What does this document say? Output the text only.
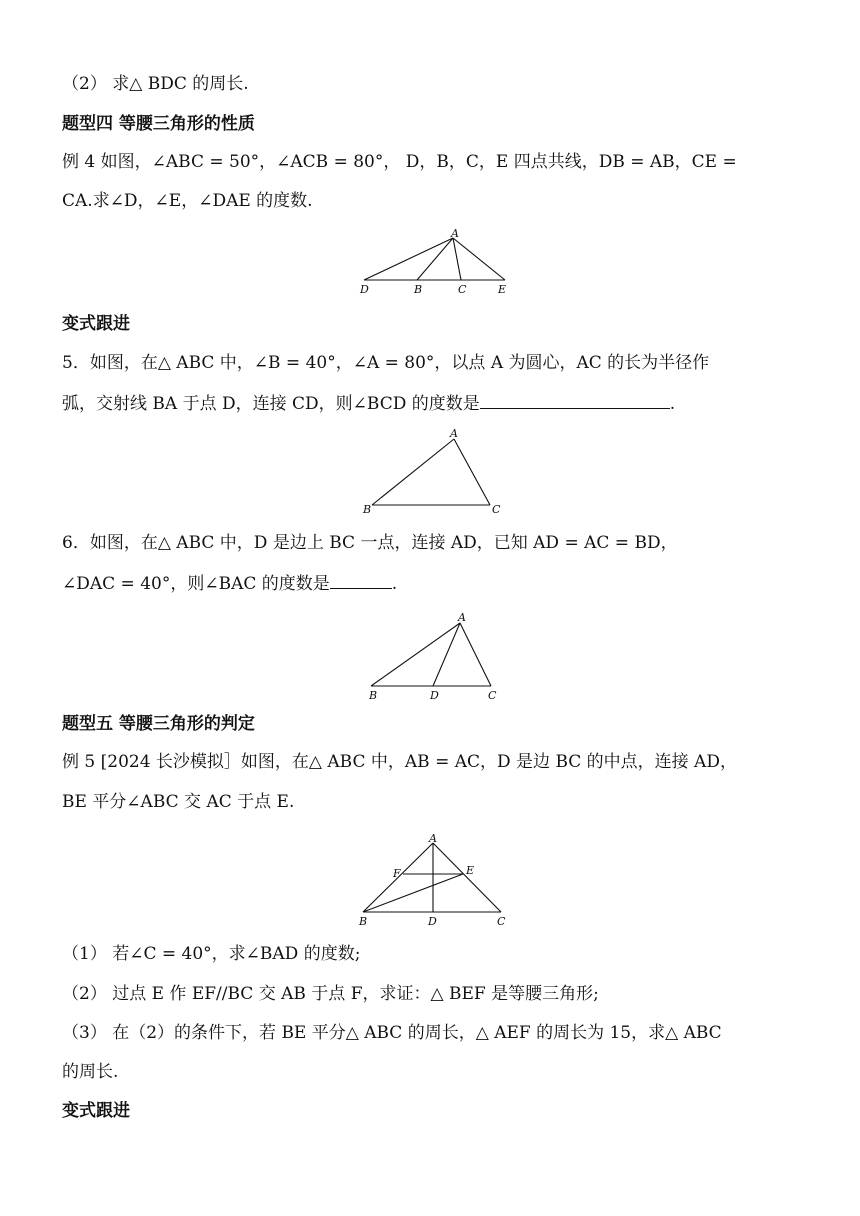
（2） 求△ BDC 的周长.
题型四 等腰三角形的性质
例 4 如图，∠ABC = 50°，∠ACB = 80°， D，B，C，E 四点共线，DB = AB，CE =
CA.求∠D，∠E，∠DAE 的度数.
A
D	B	C	E
变式跟进
5．如图，在△ ABC 中，∠B = 40°，∠A = 80°，以点 A 为圆心，AC 的长为半径作
弧，交射线 BA 于点 D，连接 CD，则∠BCD 的度数是	.
A
B	C
6．如图，在△ ABC 中，D 是边上 BC 一点，连接 AD，已知 AD = AC = BD，
∠DAC = 40°，则∠BAC 的度数是	.
A
B	D	C
题型五 等腰三角形的判定
例 5 [2024 长沙模拟］如图，在△ ABC 中，AB = AC，D 是边 BC 的中点，连接 AD，
BE 平分∠ABC 交 AC 于点 E.
A
F	E
B	D	C
（1） 若∠C = 40°，求∠BAD 的度数;
（2） 过点 E 作 EF//BC 交 AB 于点 F，求证：△ BEF 是等腰三角形;
（3） 在（2）的条件下，若 BE 平分△ ABC 的周长，△ AEF 的周长为 15，求△ ABC
的周长.
变式跟进
